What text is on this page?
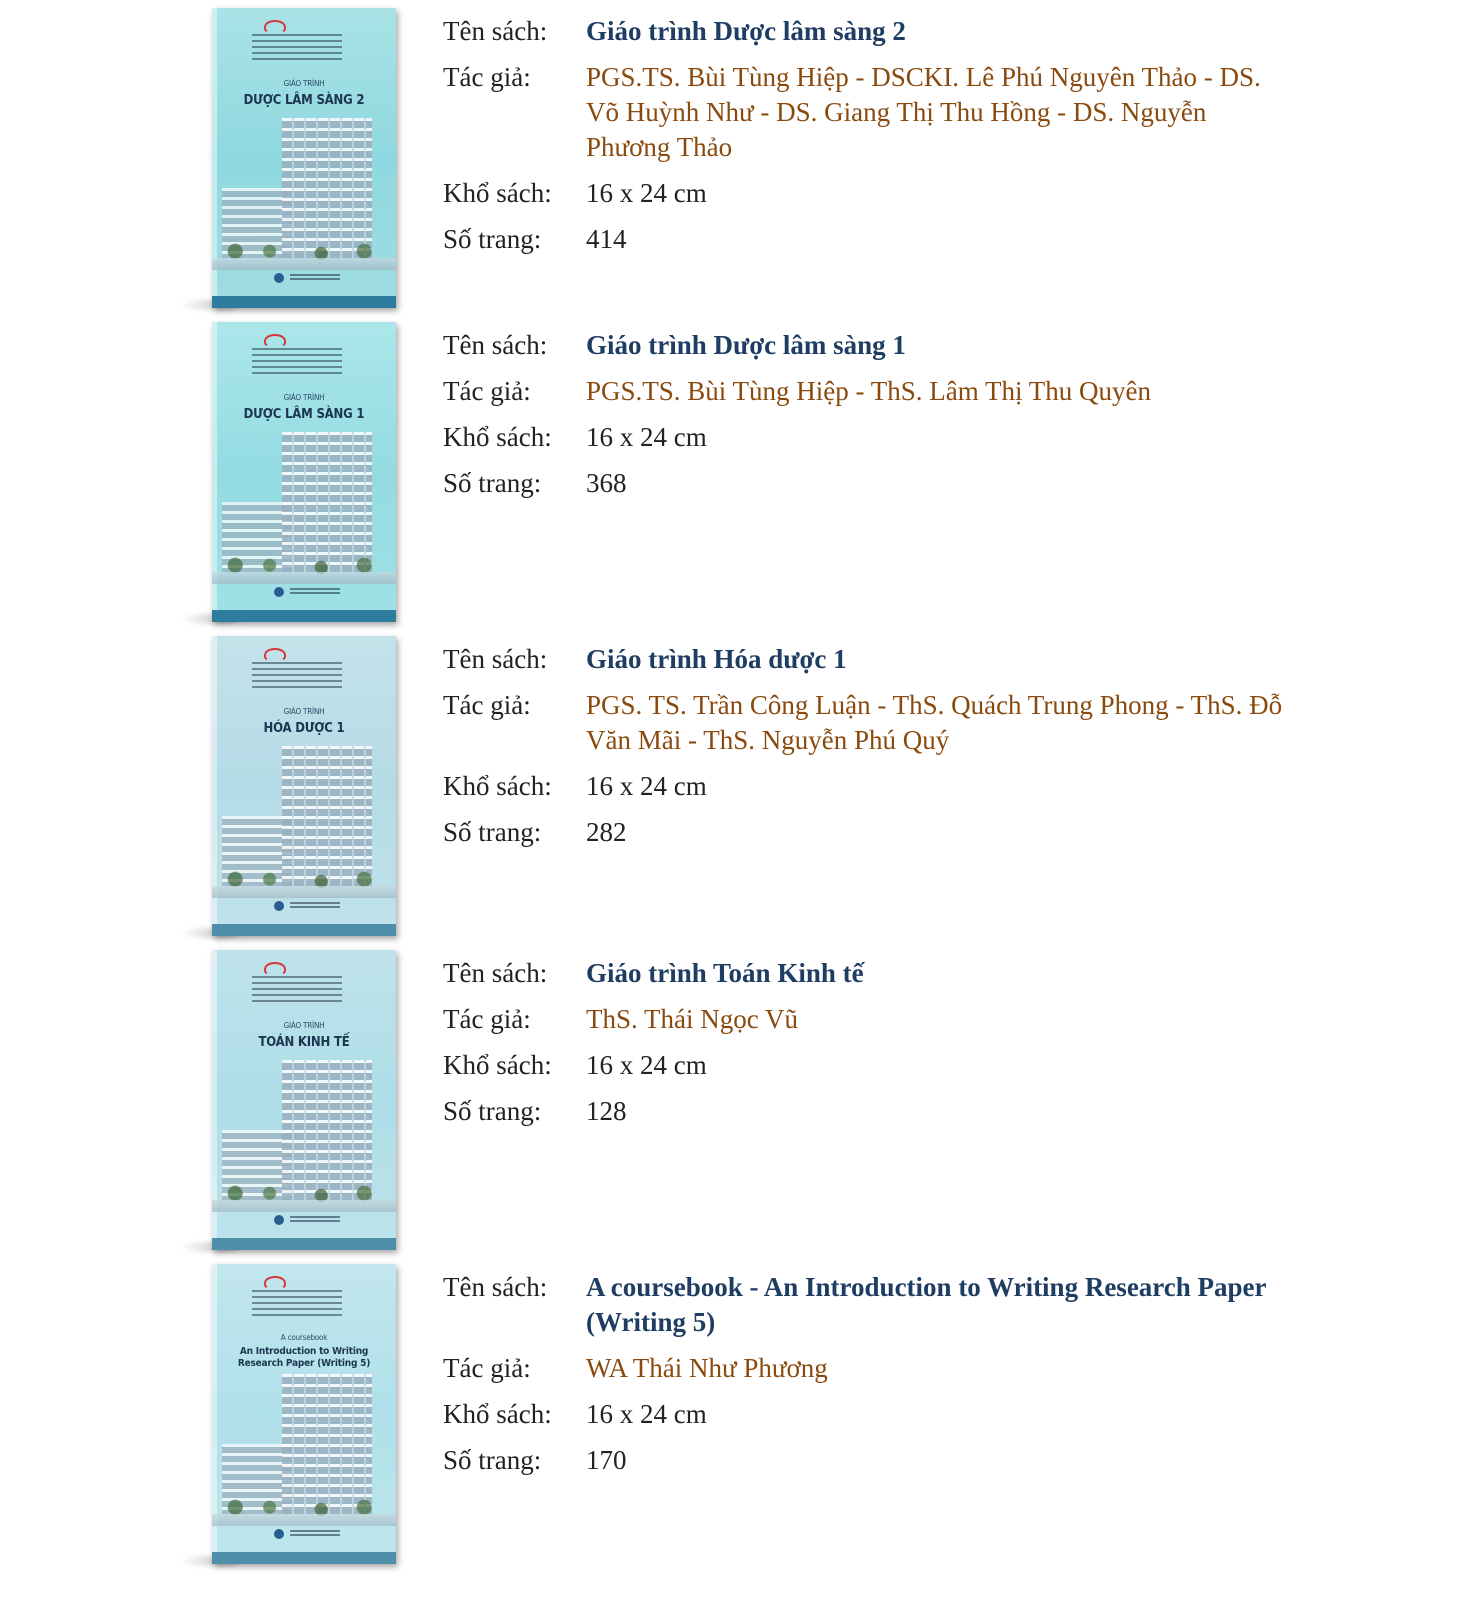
GIÁO TRÌNH
DƯỢC LÂM SÀNG 2
Tên sách:	Giáo trình Dược lâm sàng 2
Tác giả:	PGS.TS. Bùi Tùng Hiệp - DSCKI. Lê Phú Nguyên Thảo - DS. Võ Huỳnh Như - DS. Giang Thị Thu Hồng - DS. Nguyễn Phương Thảo
Khổ sách:	16 x 24 cm
Số trang:	414
GIÁO TRÌNH
DƯỢC LÂM SÀNG 1
Tên sách:	Giáo trình Dược lâm sàng 1
Tác giả:	PGS.TS. Bùi Tùng Hiệp - ThS. Lâm Thị Thu Quyên
Khổ sách:	16 x 24 cm
Số trang:	368
GIÁO TRÌNH
HÓA DƯỢC 1
Tên sách:	Giáo trình Hóa dược 1
Tác giả:	PGS. TS. Trần Công Luận - ThS. Quách Trung Phong - ThS. Đỗ Văn Mãi - ThS. Nguyễn Phú Quý
Khổ sách:	16 x 24 cm
Số trang:	282
GIÁO TRÌNH
TOÁN KINH TẾ
Tên sách:	Giáo trình Toán Kinh tế
Tác giả:	ThS. Thái Ngọc Vũ
Khổ sách:	16 x 24 cm
Số trang:	128
A coursebook
An Introduction to Writing Research Paper (Writing 5)
Tên sách:	A coursebook - An Introduction to Writing Research Paper (Writing 5)
Tác giả:	WA Thái Như Phương
Khổ sách:	16 x 24 cm
Số trang:	170
